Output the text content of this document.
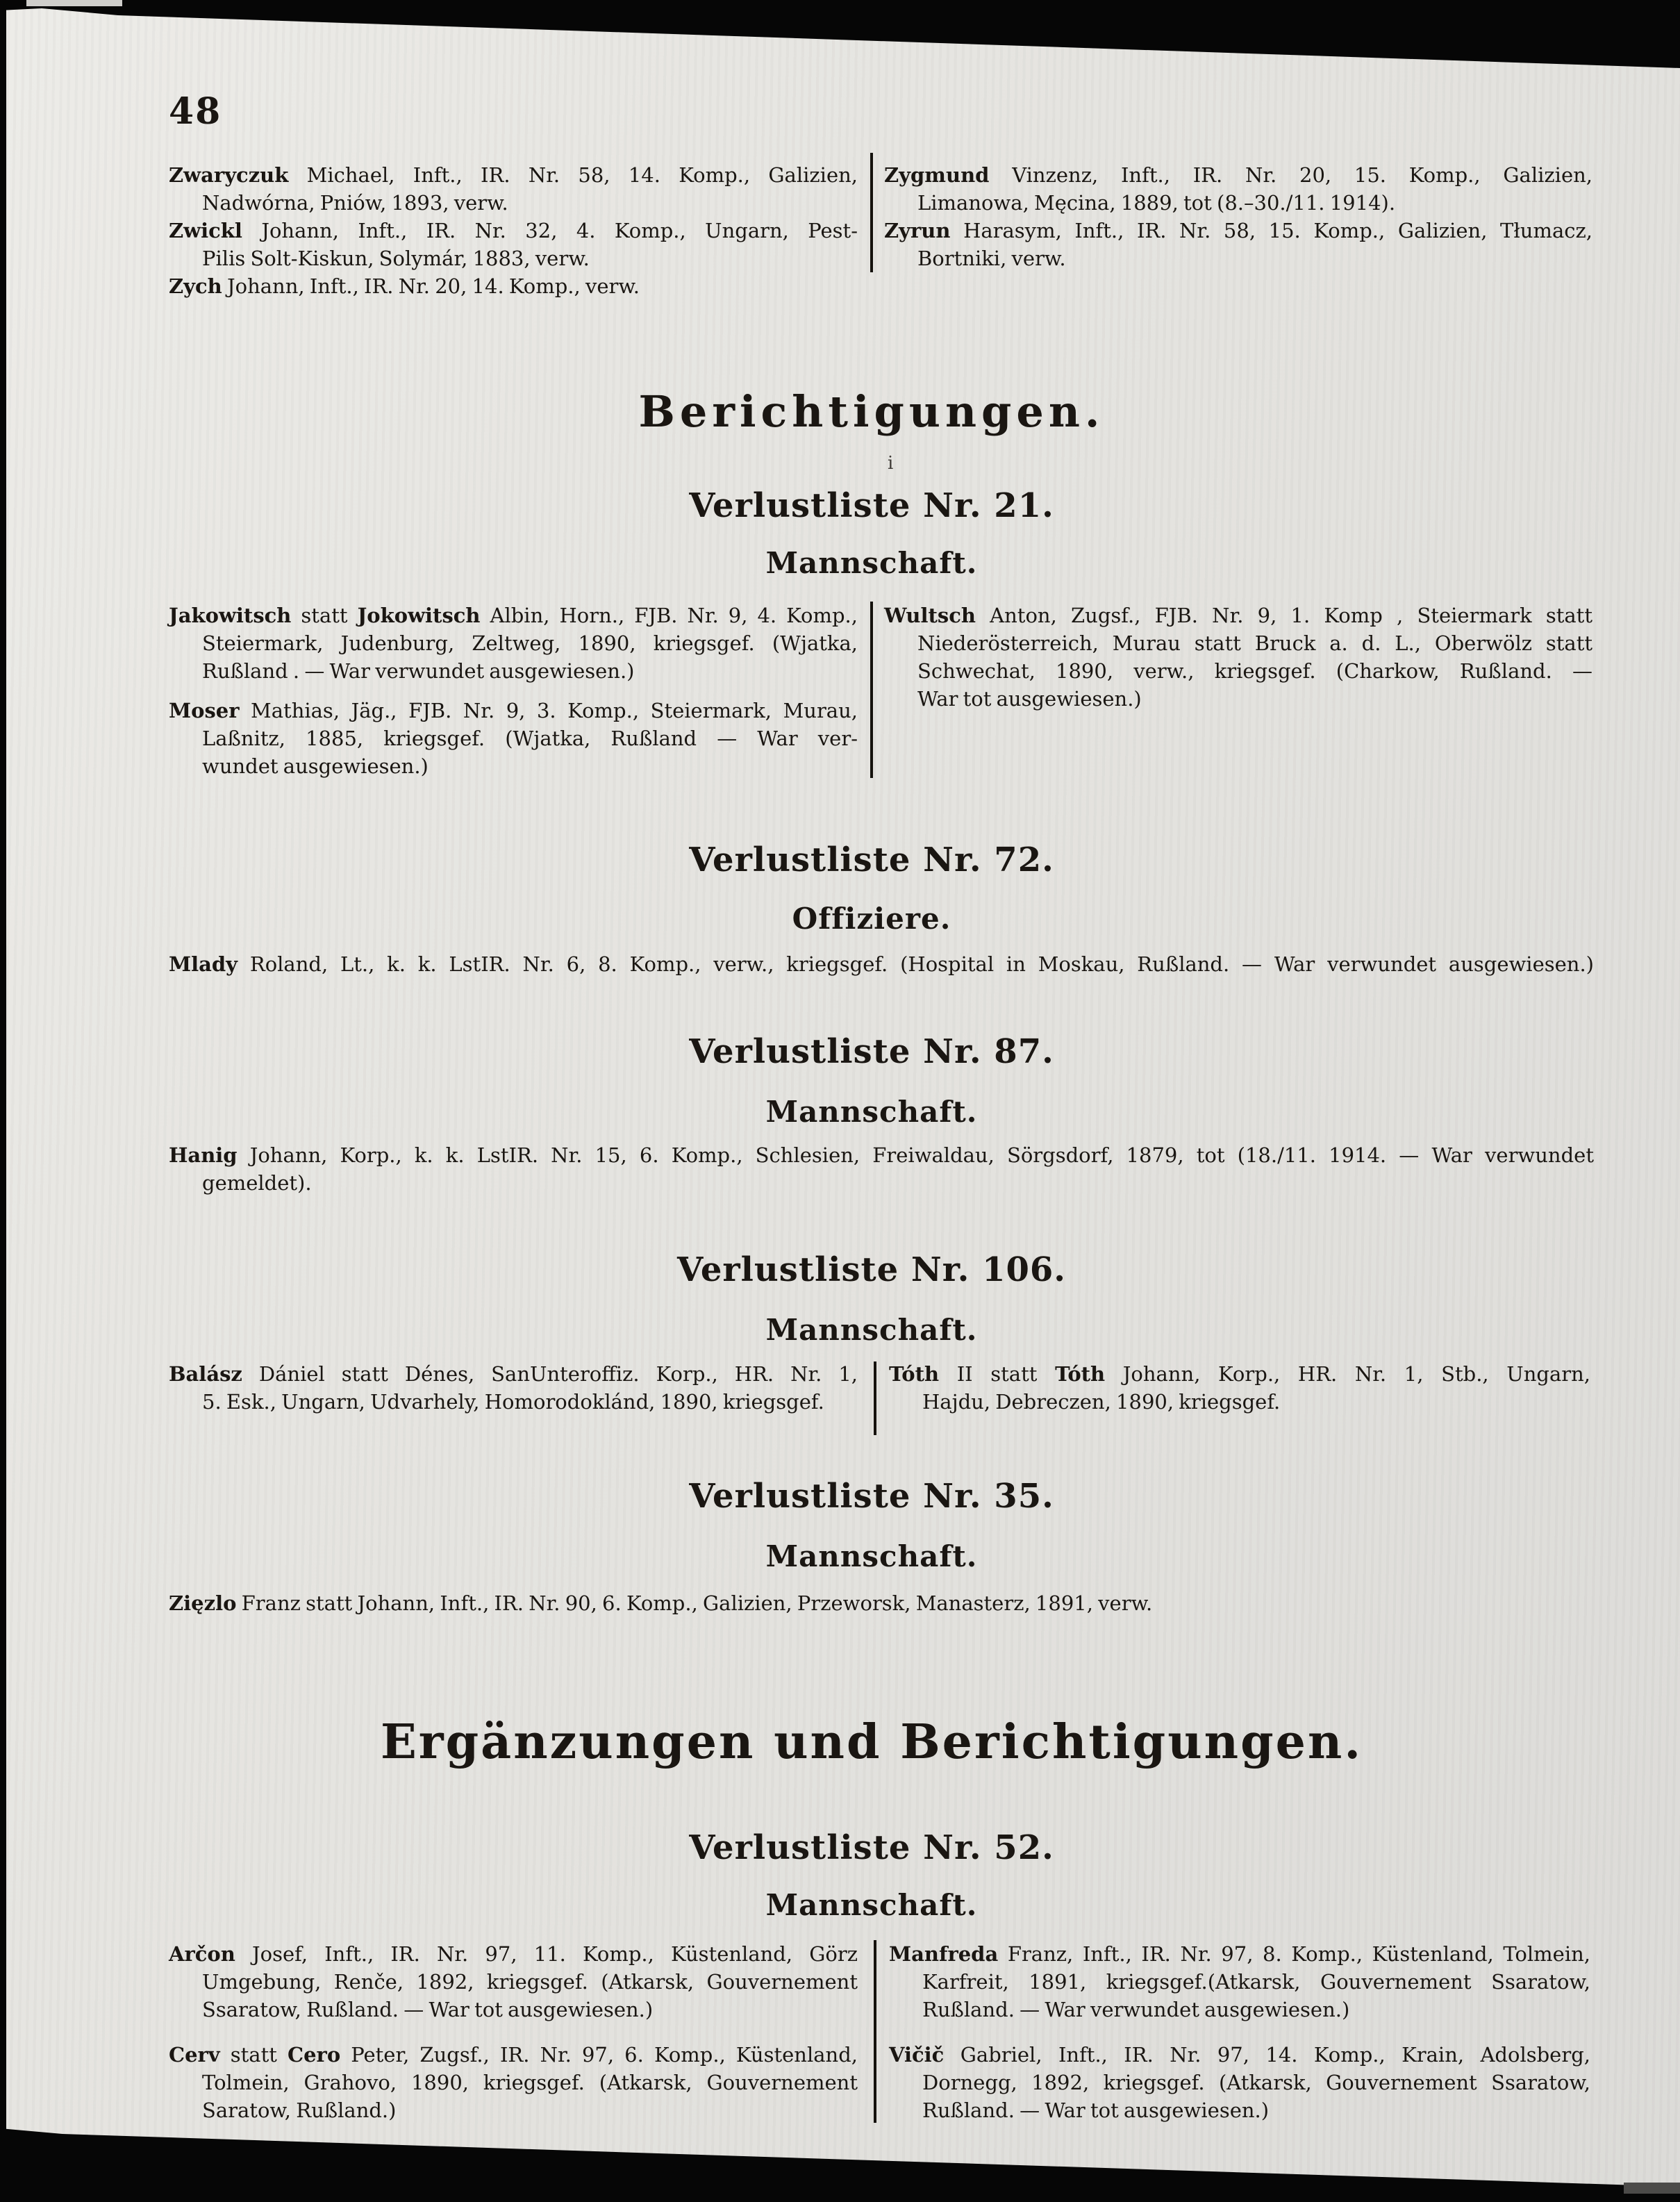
48

Zwaryczuk Michael, Inft., IR. Nr. 58, 14. Komp., Galizien,
Nadwórna, Pniów, 1893, verw.

Zwickl Johann, Inft., IR. Nr. 32, 4. Komp., Ungarn, Pest-
Pilis Solt-Kiskun, Solymár, 1883, verw.

Zych Johann, Inft., IR. Nr. 20, 14. Komp., verw.

Zygmund Vinzenz, Inft., IR. Nr. 20, 15. Komp., Galizien,
Limanowa, Męcina, 1889, tot (8.–30./11. 1914).

Zyrun Harasym, Inft., IR. Nr. 58, 15. Komp., Galizien, Tłumacz,
Bortniki, verw.

Berichtigungen.
i
Verlustliste Nr. 21.
Mannschaft.

Jakowitsch statt Jokowitsch Albin, Horn., FJB. Nr. 9, 4. Komp.,
Steiermark, Judenburg, Zeltweg, 1890, kriegsgef. (Wjatka,
Rußland . — War verwundet ausgewiesen.)

Moser Mathias, Jäg., FJB. Nr. 9, 3. Komp., Steiermark, Murau,
Laßnitz, 1885, kriegsgef. (Wjatka, Rußland — War ver-
wundet ausgewiesen.)

Wultsch Anton, Zugsf., FJB. Nr. 9, 1. Komp , Steiermark statt
Niederösterreich, Murau statt Bruck a. d. L., Oberwölz statt
Schwechat, 1890, verw., kriegsgef. (Charkow, Rußland. —
War tot ausgewiesen.)

Verlustliste Nr. 72.
Offiziere.

Mlady Roland, Lt., k. k. LstIR. Nr. 6, 8. Komp., verw., kriegsgef. (Hospital in Moskau, Rußland. — War verwundet ausgewiesen.)

Verlustliste Nr. 87.
Mannschaft.

Hanig Johann, Korp., k. k. LstIR. Nr. 15, 6. Komp., Schlesien, Freiwaldau, Sörgsdorf, 1879, tot (18./11. 1914. — War verwundet
gemeldet).

Verlustliste Nr. 106.
Mannschaft.

Balász Dániel statt Dénes, SanUnteroffiz. Korp., HR. Nr. 1,
5. Esk., Ungarn, Udvarhely, Homorodoklánd, 1890, kriegsgef.

Tóth II statt Tóth Johann, Korp., HR. Nr. 1, Stb., Ungarn,
Hajdu, Debreczen, 1890, kriegsgef.

Verlustliste Nr. 35.
Mannschaft.

Zięzlo Franz statt Johann, Inft., IR. Nr. 90, 6. Komp., Galizien, Przeworsk, Manasterz, 1891, verw.

Ergänzungen und Berichtigungen.
Verlustliste Nr. 52.
Mannschaft.

Arčon Josef, Inft., IR. Nr. 97, 11. Komp., Küstenland, Görz
Umgebung, Renče, 1892, kriegsgef. (Atkarsk, Gouvernement
Ssaratow, Rußland. — War tot ausgewiesen.)

Cerv statt Cero Peter, Zugsf., IR. Nr. 97, 6. Komp., Küstenland,
Tolmein, Grahovo, 1890, kriegsgef. (Atkarsk, Gouvernement
Saratow, Rußland.)

Manfreda Franz, Inft., IR. Nr. 97, 8. Komp., Küstenland, Tolmein,
Karfreit, 1891, kriegsgef.(Atkarsk, Gouvernement Ssaratow,
Rußland. — War verwundet ausgewiesen.)

Vičič Gabriel, Inft., IR. Nr. 97, 14. Komp., Krain, Adolsberg,
Dornegg, 1892, kriegsgef. (Atkarsk, Gouvernement Ssaratow,
Rußland. — War tot ausgewiesen.)
